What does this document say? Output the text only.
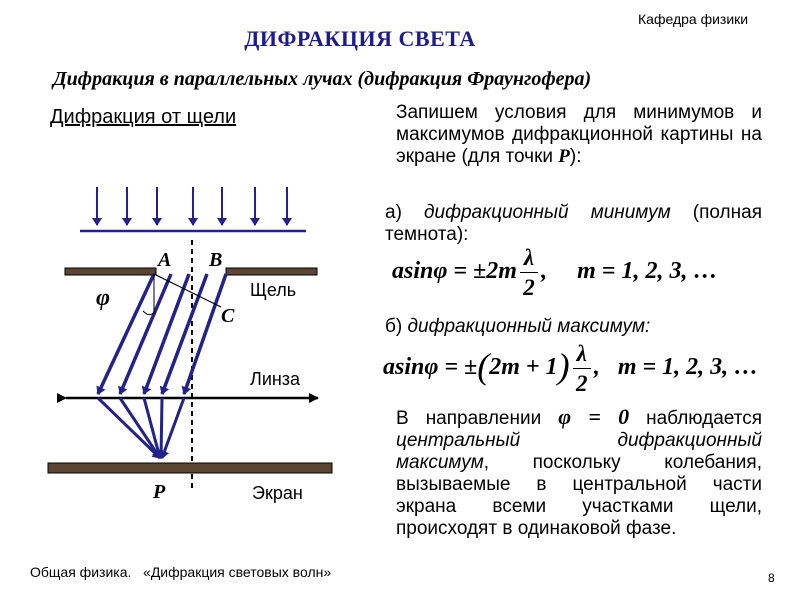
Кафедра физики
ДИФРАКЦИЯ СВЕТА
Дифракция в параллельных лучах (дифракция Фраунгофера)
Дифракция от щели
A B
C
φ
P
Щель
Линза
Экран
Запишем условия для минимумов и максимумов дифракционной картины на экране (для точки P):
а) дифракционный минимум (полная темнота):
$asin\varphi = \pm 2m \frac{\lambda}{2}$ ,     m = 1, 2, 3, …
б) дифракционный максимум:
$asin\varphi = \pm(2m + 1) \frac{\lambda}{2}$ ,   m = 1, 2, 3, …
В направлении φ = 0 наблюдается центральный дифракционный максимум, поскольку колебания, вызываемые в центральной части экрана всеми участками щели, происходят в одинаковой фазе.
Общая физика.   «Дифракция световых волн»	8
